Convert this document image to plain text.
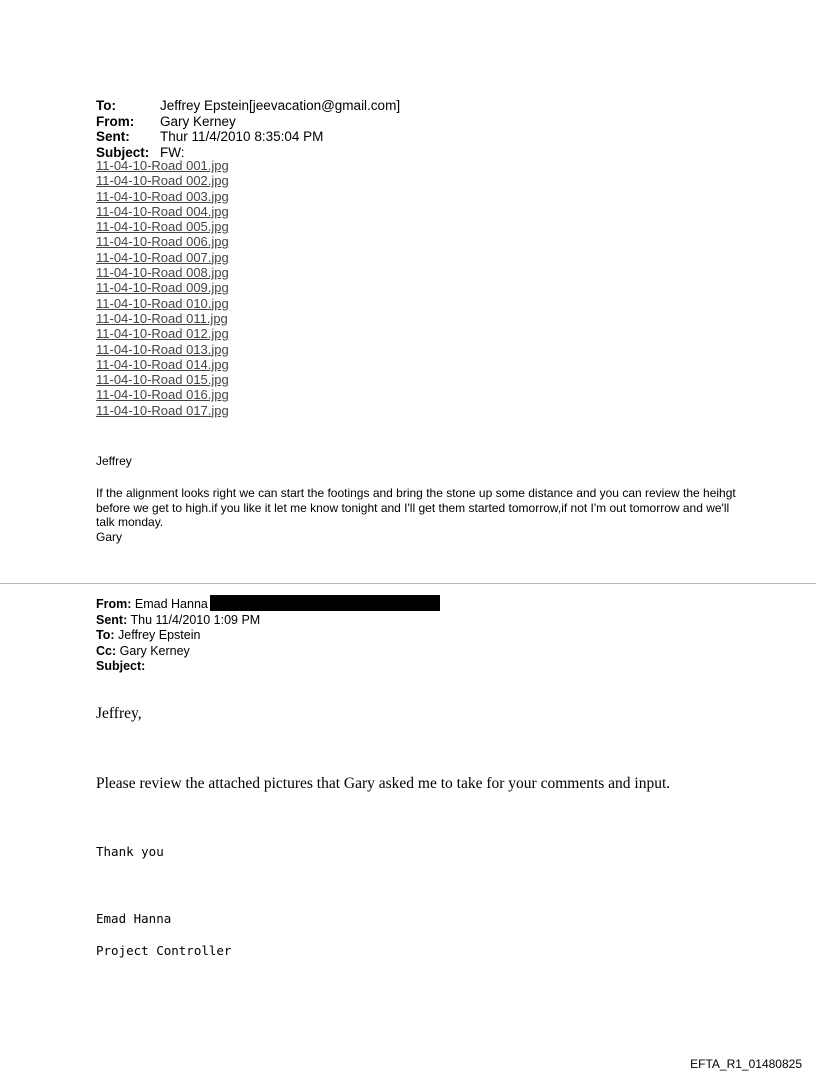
To:	Jeffrey Epstein[jeevacation@gmail.com]
From:	Gary Kerney
Sent:	Thur 11/4/2010 8:35:04 PM
Subject: FW:
11-04-10-Road 001.jpg
11-04-10-Road 002.jpg
11-04-10-Road 003.jpg
11-04-10-Road 004.jpg
11-04-10-Road 005.jpg
11-04-10-Road 006.jpg
11-04-10-Road 007.jpg
11-04-10-Road 008.jpg
11-04-10-Road 009.jpg
11-04-10-Road 010.jpg
11-04-10-Road 011.jpg
11-04-10-Road 012.jpg
11-04-10-Road 013.jpg
11-04-10-Road 014.jpg
11-04-10-Road 015.jpg
11-04-10-Road 016.jpg
11-04-10-Road 017.jpg
Jeffrey
If the alignment looks right we can start the footings and bring the stone up some distance and you can review the heihgt before we get to high.if you like it let me know tonight and I'll get them started tomorrow,if not I'm out tomorrow and we'll talk monday.
Gary
From: Emad Hanna
Sent: Thu 11/4/2010 1:09 PM
To: Jeffrey Epstein
Cc: Gary Kerney
Subject:
Jeffrey,
Please review the attached pictures that Gary asked me to take for your comments and input.
Thank you
Emad Hanna
Project Controller
EFTA_R1_01480825
